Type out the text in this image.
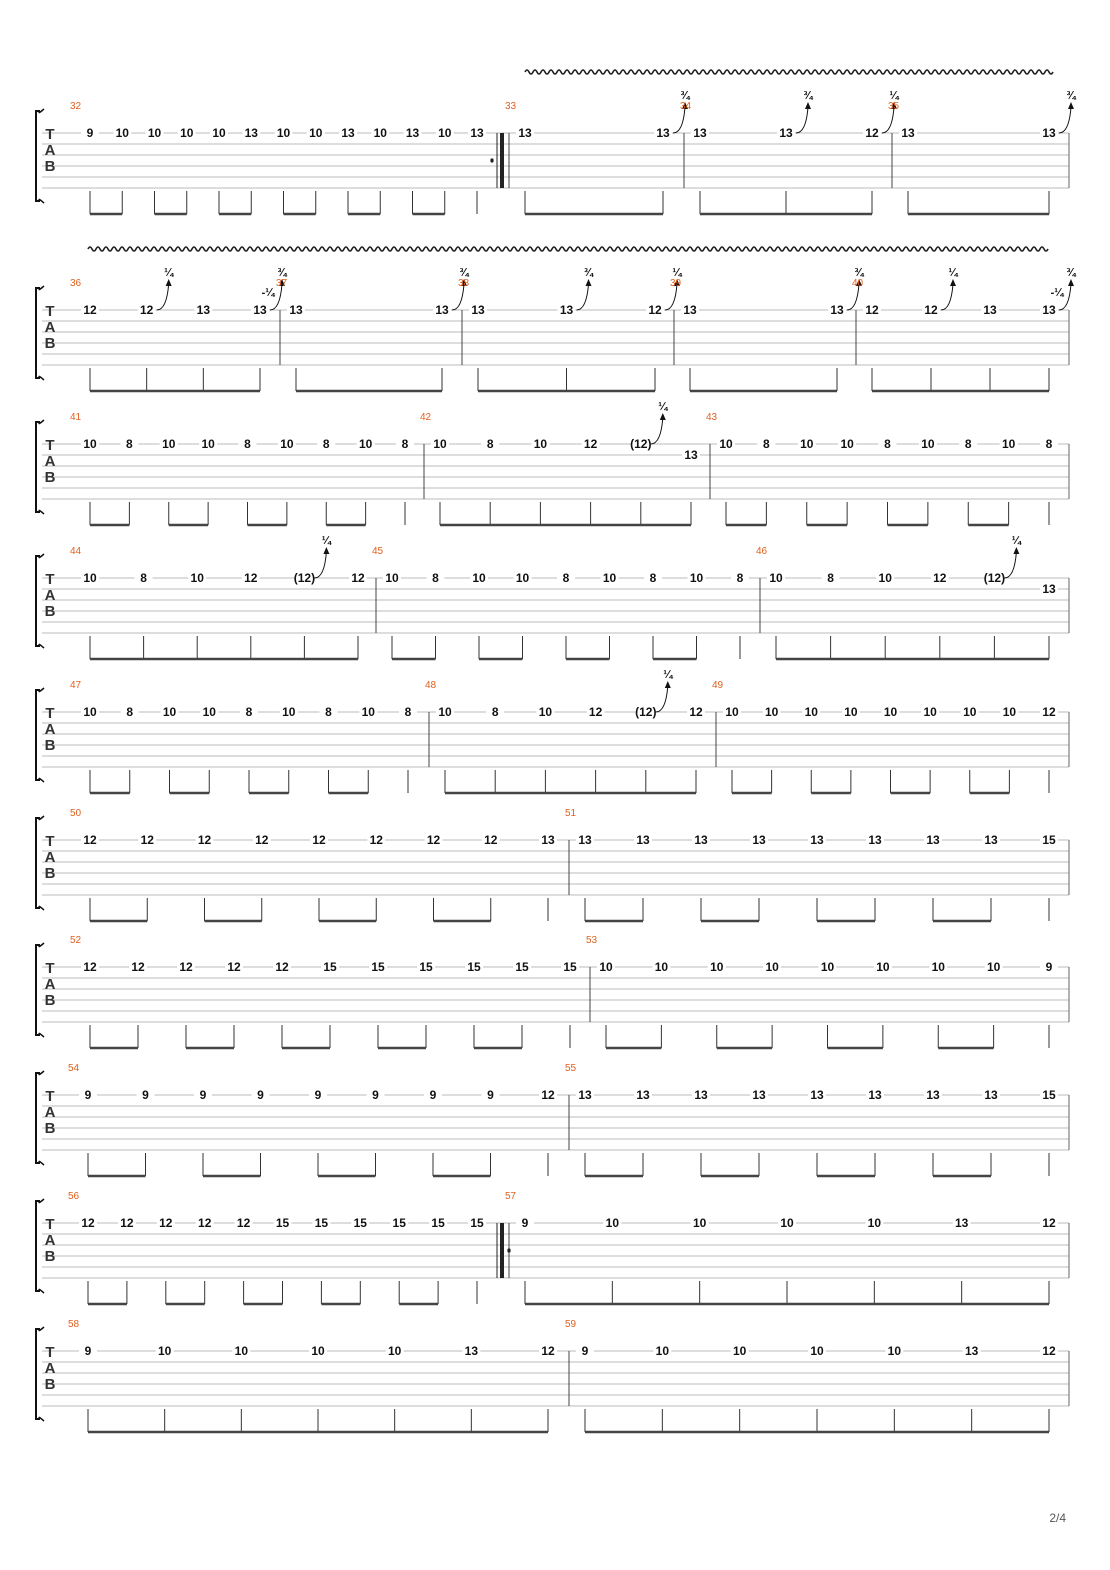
T
A
B
32
9 10 10 10 10 13 10 10 13 10 13 10 13
33
13	13
¾
34
13	13
¾
12
¼
35
13	13
¾
T
A
B
36
12	12
¼
13	13
¾
-¼
37
13	13
¾
38
13	13
¾
12
¼
39
13	13
¾
40
12	12
¼
13	13
¾
-¼
T
A
B
41
10 8 10 10 8 10 8 10 8
42
10	8	10	12	(12)
¼
13
43
10	8	10 10	8	10	8	10	8
T
A
B
44
10	8	10	12	(12)
¼
12
45
10	8	10	10	8	10	8	10	8
46
10	8	10	12	(12)
¼
13
T
A
B
47
10 8 10 10 8 10 8 10 8
48
10	8	10	12	(12)
¼
12
49
10 10 10 10 10 10 10 10 12
T
A
B
50
12	12	12	12	12	12	12	12	13
51
13	13	13	13	13	13	13	13	15
T
A
B
52
12	12	12	12	12	15	15	15	15	15	15
53
10	10	10	10	10	10	10	10	9
T
A
B
54
9	9	9	9	9	9	9	9	12
55
13	13	13	13	13	13	13	13	15
T
A
B
56
12 12 12 12 12 15 15 15 15 15 15
57
9	10	10	10	10	13	12
T
A
B
58
9	10	10	10	10	13	12
59
9	10	10	10	10	13	12
2/4
